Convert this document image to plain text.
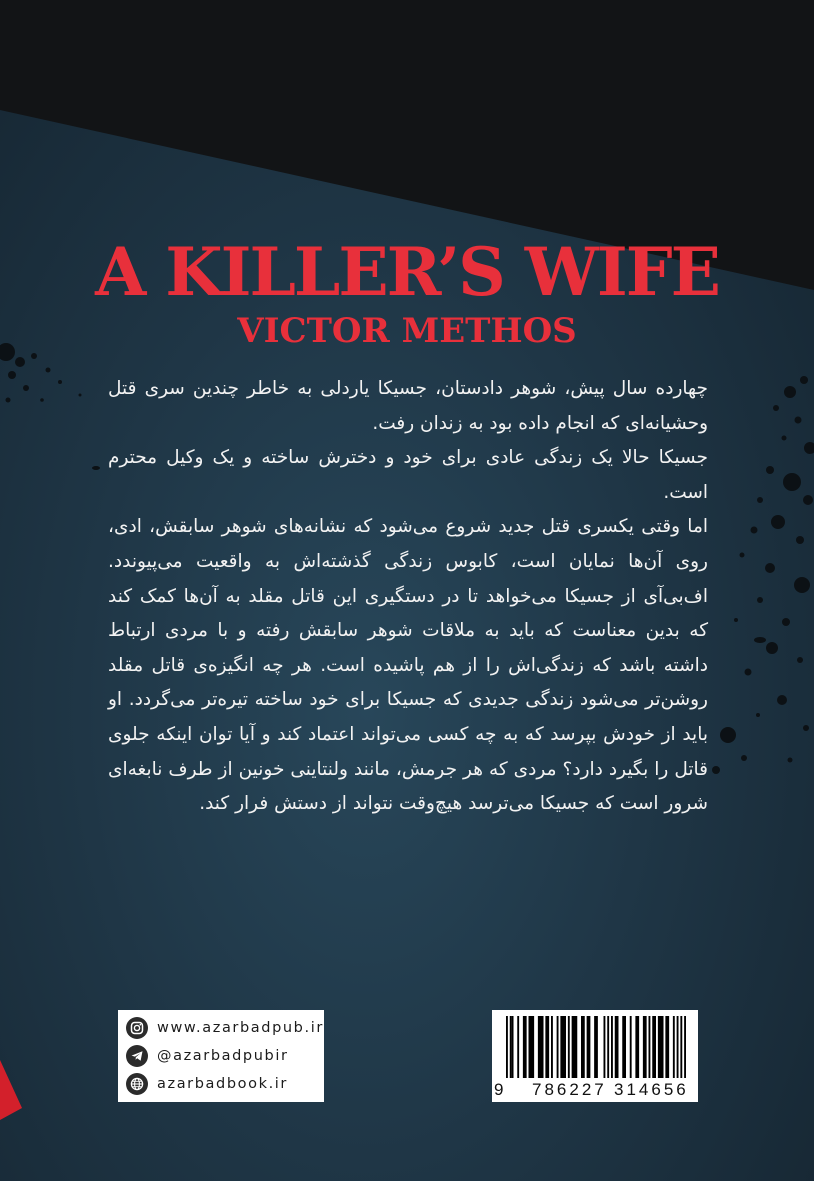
A KILLER’S WIFE
VICTOR METHOS

چهارده سال پیش، شوهر دادستان، جسیکا یاردلی به خاطر چندین سری قتل وحشیانه‌ای که انجام داده بود به زندان رفت.

جسیکا حالا یک زندگی عادی برای خود و دخترش ساخته و یک وکیل محترم است.

اما وقتی یکسری قتل جدید شروع می‌شود که نشانه‌های شوهر سابقش، ادی، روی آن‌ها نمایان است، کابوس زندگی گذشته‌اش به واقعیت می‌پیوندد. اف‌بی‌آی از جسیکا می‌خواهد تا در دستگیری این قاتل مقلد به آن‌ها کمک کند که بدین معناست که باید به ملاقات شوهر سابقش رفته و با مردی ارتباط داشته باشد که زندگی‌اش را از هم پاشیده است. هر چه انگیزه‌ی قاتل مقلد روشن‌تر می‌شود زندگی جدیدی که جسیکا برای خود ساخته تیره‌تر می‌گردد. او باید از خودش بپرسد که به چه کسی می‌تواند اعتماد کند و آیا توان اینکه جلوی قاتل را بگیرد دارد؟ مردی که هر جرمش، مانند ولنتاینی خونین از طرف نابغه‌ای شرور است که جسیکا می‌ترسد هیچ‌وقت نتواند از دستش فرار کند.

www.azarbadpub.ir
@azarbadpubir
azarbadbook.ir	9 786227 314656
